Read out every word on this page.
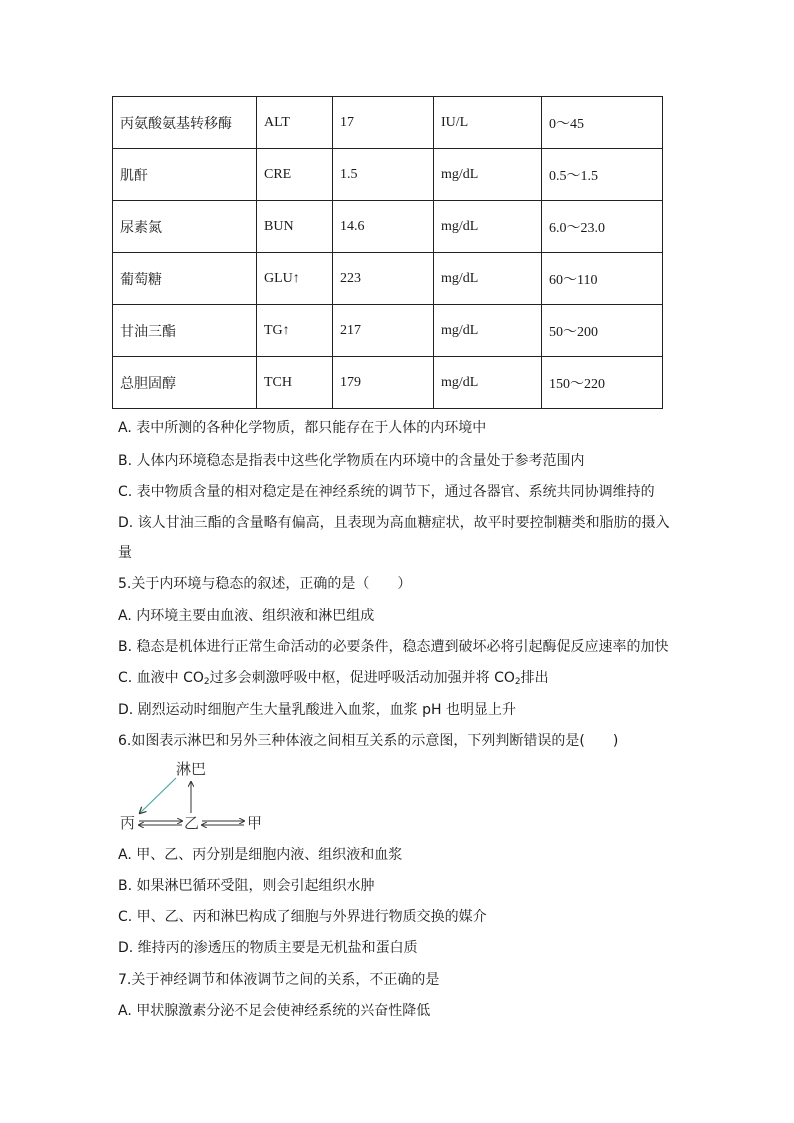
丙氨酸氨基转移酶	ALT	17	IU/L	0～45
肌酐	CRE	1.5	mg/dL	0.5～1.5
尿素氮	BUN	14.6	mg/dL	6.0～23.0
葡萄糖	GLU↑	223	mg/dL	60～110
甘油三酯	TG↑	217	mg/dL	50～200
总胆固醇	TCH	179	mg/dL	150～220
A. 表中所测的各种化学物质，都只能存在于人体的内环境中
B. 人体内环境稳态是指表中这些化学物质在内环境中的含量处于参考范围内
C. 表中物质含量的相对稳定是在神经系统的调节下，通过各器官、系统共同协调维持的
D. 该人甘油三酯的含量略有偏高，且表现为高血糖症状，故平时要控制糖类和脂肪的摄入
量
5.关于内环境与稳态的叙述，正确的是（　　）
A. 内环境主要由血液、组织液和淋巴组成
B. 稳态是机体进行正常生命活动的必要条件，稳态遭到破坏必将引起酶促反应速率的加快
C. 血液中 $CO_2$过多会刺激呼吸中枢，促进呼吸活动加强并将 $CO_2$排出
D. 剧烈运动时细胞产生大量乳酸进入血浆，血浆 pH 也明显上升
6.如图表示淋巴和另外三种体液之间相互关系的示意图，下列判断错误的是(　　)
淋巴
丙	乙	甲
A. 甲、乙、丙分别是细胞内液、组织液和血浆
B. 如果淋巴循环受阻，则会引起组织水肿
C. 甲、乙、丙和淋巴构成了细胞与外界进行物质交换的媒介
D. 维持丙的渗透压的物质主要是无机盐和蛋白质
7.关于神经调节和体液调节之间的关系，不正确的是
A. 甲状腺激素分泌不足会使神经系统的兴奋性降低
